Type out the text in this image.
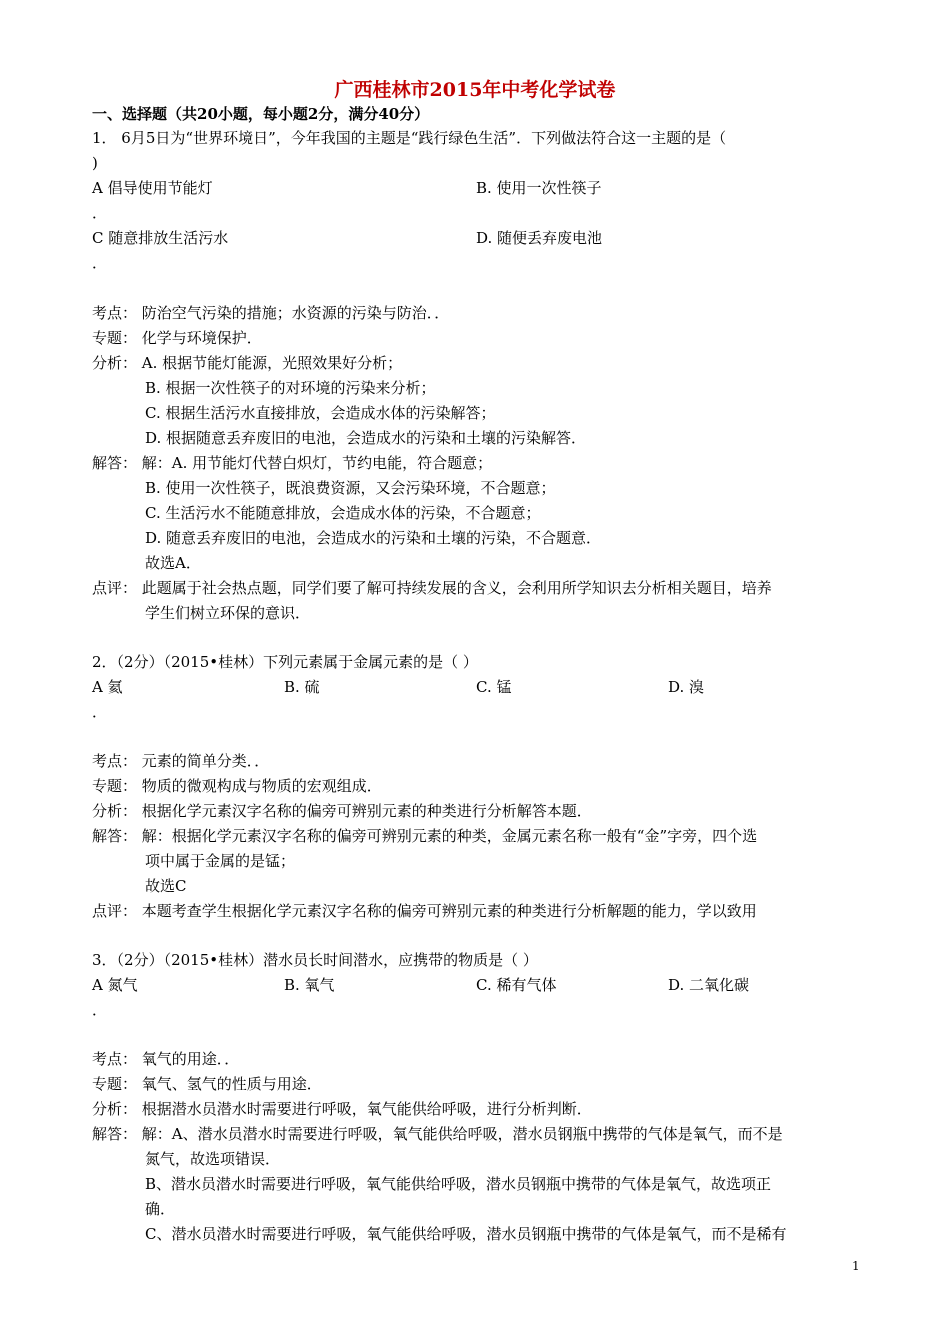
广西桂林市2015年中考化学试卷
一、选择题（共20小题，每小题2分，满分40分）
1． 6月5日为“世界环境日”，今年我国的主题是“践行绿色生活”．下列做法符合这一主题的是（
)
A 倡导使用节能灯	B. 使用一次性筷子
．
C 随意排放生活污水	D. 随便丢弃废电池
．
考点： 防治空气污染的措施；水资源的污染与防治．．
专题： 化学与环境保护．
分析： A. 根据节能灯能源，光照效果好分析；
B. 根据一次性筷子的对环境的污染来分析；
C. 根据生活污水直接排放，会造成水体的污染解答；
D. 根据随意丢弃废旧的电池，会造成水的污染和土壤的污染解答．
解答： 解：A. 用节能灯代替白炽灯，节约电能，符合题意；
B. 使用一次性筷子，既浪费资源，又会污染环境，不合题意；
C. 生活污水不能随意排放，会造成水体的污染，不合题意；
D. 随意丢弃废旧的电池，会造成水的污染和土壤的污染，不合题意．
故选A．
点评： 此题属于社会热点题，同学们要了解可持续发展的含义，会利用所学知识去分析相关题目，培养
学生们树立环保的意识．
2．（2分）（2015•桂林）下列元素属于金属元素的是（ ）
A 氦	B. 硫	C. 锰	D. 溴
．
考点： 元素的简单分类．．
专题： 物质的微观构成与物质的宏观组成．
分析： 根据化学元素汉字名称的偏旁可辨别元素的种类进行分析解答本题．
解答： 解：根据化学元素汉字名称的偏旁可辨别元素的种类，金属元素名称一般有“金”字旁，四个选
项中属于金属的是锰；
故选C
点评： 本题考查学生根据化学元素汉字名称的偏旁可辨别元素的种类进行分析解题的能力，学以致用
3．（2分）（2015•桂林）潜水员长时间潜水，应携带的物质是（ ）
A 氮气	B. 氧气	C. 稀有气体	D. 二氧化碳
．
考点： 氧气的用途．．
专题： 氧气、氢气的性质与用途．
分析： 根据潜水员潜水时需要进行呼吸，氧气能供给呼吸，进行分析判断．
解答： 解：A、潜水员潜水时需要进行呼吸，氧气能供给呼吸，潜水员钢瓶中携带的气体是氧气，而不是
氮气，故选项错误．
B、潜水员潜水时需要进行呼吸，氧气能供给呼吸，潜水员钢瓶中携带的气体是氧气，故选项正
确．
C、潜水员潜水时需要进行呼吸，氧气能供给呼吸，潜水员钢瓶中携带的气体是氧气，而不是稀有
1
